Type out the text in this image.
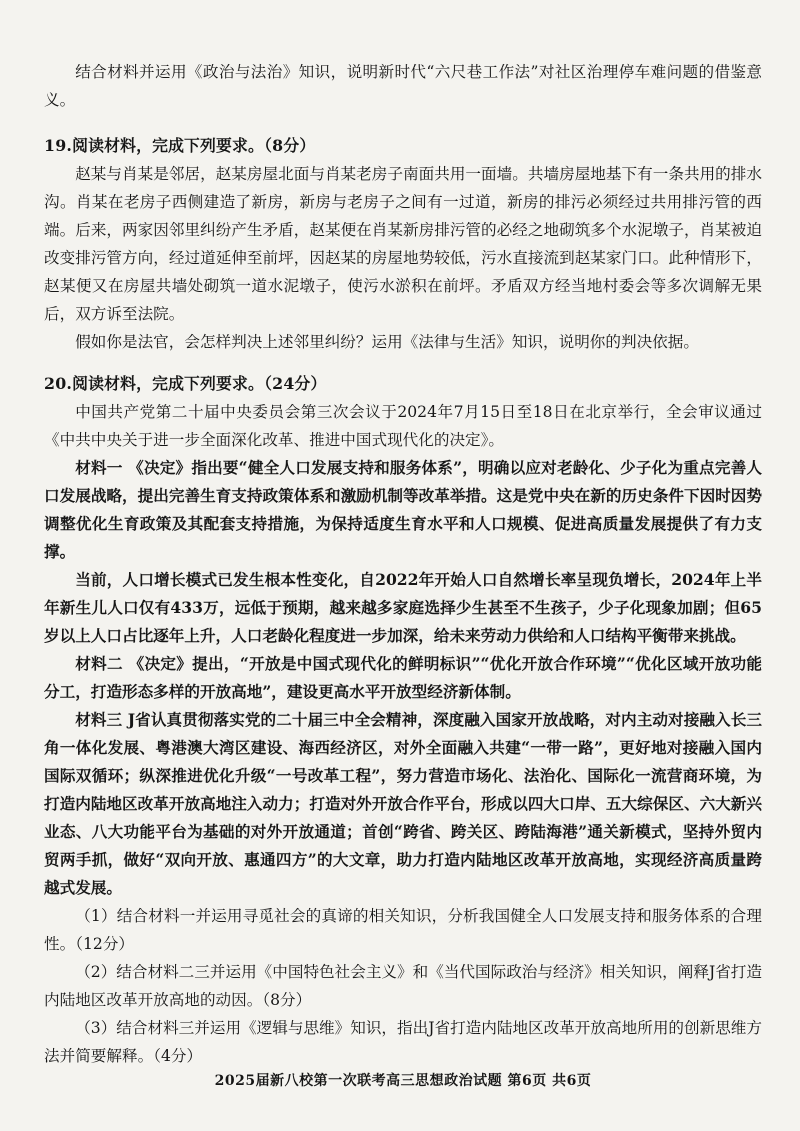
结合材料并运用《政治与法治》知识，说明新时代“六尺巷工作法”对社区治理停车难问题的借鉴意义。

19.阅读材料，完成下列要求。（8分）

赵某与肖某是邻居，赵某房屋北面与肖某老房子南面共用一面墙。共墙房屋地基下有一条共用的排水沟。肖某在老房子西侧建造了新房，新房与老房子之间有一过道，新房的排污必须经过共用排污管的西端。后来，两家因邻里纠纷产生矛盾，赵某便在肖某新房排污管的必经之地砌筑多个水泥墩子，肖某被迫改变排污管方向，经过道延伸至前坪，因赵某的房屋地势较低，污水直接流到赵某家门口。此种情形下，赵某便又在房屋共墙处砌筑一道水泥墩子，使污水淤积在前坪。矛盾双方经当地村委会等多次调解无果后，双方诉至法院。

假如你是法官，会怎样判决上述邻里纠纷？运用《法律与生活》知识，说明你的判决依据。

20.阅读材料，完成下列要求。（24分）

中国共产党第二十届中央委员会第三次会议于2024年7月15日至18日在北京举行，全会审议通过《中共中央关于进一步全面深化改革、推进中国式现代化的决定》。

材料一 《决定》指出要“健全人口发展支持和服务体系”，明确以应对老龄化、少子化为重点完善人口发展战略，提出完善生育支持政策体系和激励机制等改革举措。这是党中央在新的历史条件下因时因势调整优化生育政策及其配套支持措施，为保持适度生育水平和人口规模、促进高质量发展提供了有力支撑。

当前，人口增长模式已发生根本性变化，自2022年开始人口自然增长率呈现负增长，2024年上半年新生儿人口仅有433万，远低于预期，越来越多家庭选择少生甚至不生孩子，少子化现象加剧；但65岁以上人口占比逐年上升，人口老龄化程度进一步加深，给未来劳动力供给和人口结构平衡带来挑战。

材料二 《决定》提出，“开放是中国式现代化的鲜明标识”“优化开放合作环境”“优化区域开放功能分工，打造形态多样的开放高地”，建设更高水平开放型经济新体制。

材料三 J省认真贯彻落实党的二十届三中全会精神，深度融入国家开放战略，对内主动对接融入长三角一体化发展、粤港澳大湾区建设、海西经济区，对外全面融入共建“一带一路”，更好地对接融入国内国际双循环；纵深推进优化升级“一号改革工程”，努力营造市场化、法治化、国际化一流营商环境，为打造内陆地区改革开放高地注入动力；打造对外开放合作平台，形成以四大口岸、五大综保区、六大新兴业态、八大功能平台为基础的对外开放通道；首创“跨省、跨关区、跨陆海港”通关新模式，坚持外贸内贸两手抓，做好“双向开放、惠通四方”的大文章，助力打造内陆地区改革开放高地，实现经济高质量跨越式发展。

（1）结合材料一并运用寻觅社会的真谛的相关知识，分析我国健全人口发展支持和服务体系的合理性。（12分）

（2）结合材料二三并运用《中国特色社会主义》和《当代国际政治与经济》相关知识，阐释J省打造内陆地区改革开放高地的动因。（8分）

（3）结合材料三并运用《逻辑与思维》知识，指出J省打造内陆地区改革开放高地所用的创新思维方法并简要解释。（4分）

2025届新八校第一次联考高三思想政治试题 第6页 共6页
